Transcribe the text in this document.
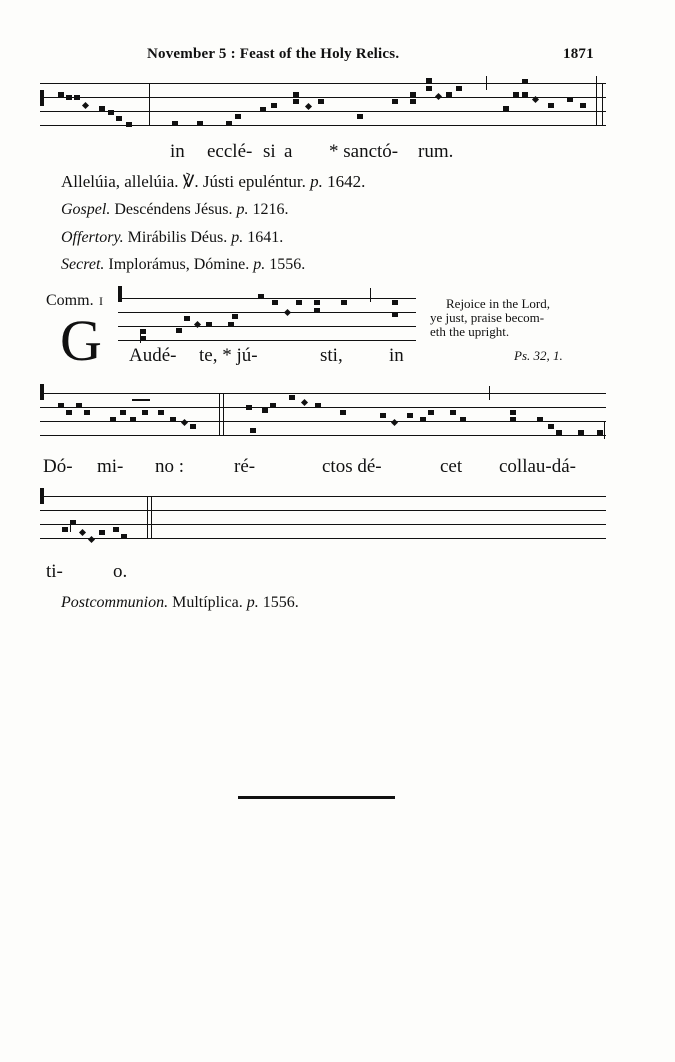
November 5 : Feast of the Holy Relics.	1871
in ecclé- si a * sanctó- rum.
Allelúia, allelúia. ℣. Jústi epuléntur. p. 1642.
Gospel. Descéndens Jésus. p. 1216.
Offertory. Mirábilis Déus. p. 1641.
Secret. Implorámus, Dómine. p. 1556.
Comm. I
G Audé- te, * jú-	sti, in
Rejoice in the Lord,
ye just, praise becom-
eth the upright.
Ps. 32, 1.
Dó- mi- no :	ré-	ctos dé-	cet collau-dá-
ti-	o.
Postcommunion. Multíplica. p. 1556.
